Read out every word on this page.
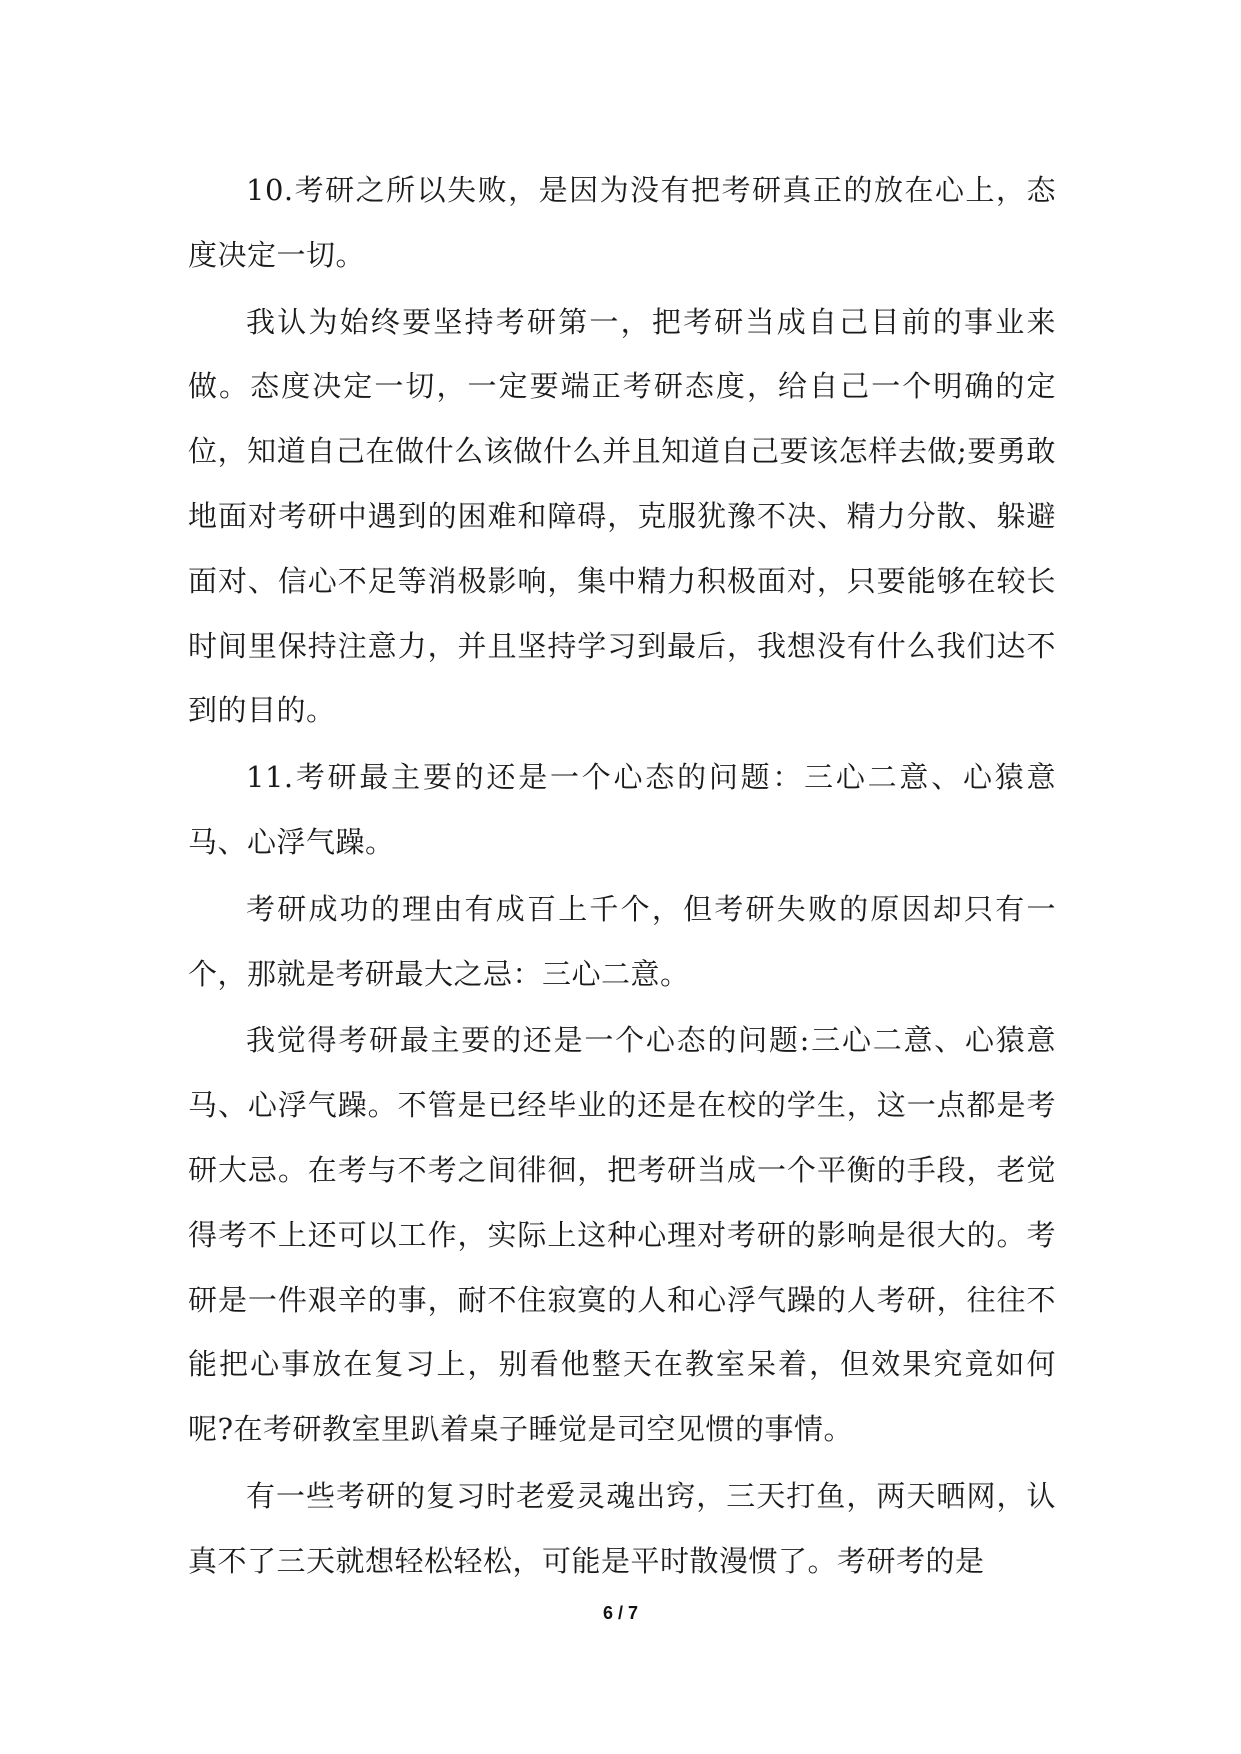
10.考研之所以失败，是因为没有把考研真正的放在心上，态度决定一切。

我认为始终要坚持考研第一，把考研当成自己目前的事业来做。态度决定一切，一定要端正考研态度，给自己一个明确的定位，知道自己在做什么该做什么并且知道自己要该怎样去做;要勇敢地面对考研中遇到的困难和障碍，克服犹豫不决、精力分散、躲避面对、信心不足等消极影响，集中精力积极面对，只要能够在较长时间里保持注意力，并且坚持学习到最后，我想没有什么我们达不到的目的。

11.考研最主要的还是一个心态的问题：三心二意、心猿意马、心浮气躁。

考研成功的理由有成百上千个，但考研失败的原因却只有一个，那就是考研最大之忌：三心二意。

我觉得考研最主要的还是一个心态的问题:三心二意、心猿意马、心浮气躁。不管是已经毕业的还是在校的学生，这一点都是考研大忌。在考与不考之间徘徊，把考研当成一个平衡的手段，老觉得考不上还可以工作，实际上这种心理对考研的影响是很大的。考研是一件艰辛的事，耐不住寂寞的人和心浮气躁的人考研，往往不能把心事放在复习上，别看他整天在教室呆着，但效果究竟如何呢?在考研教室里趴着桌子睡觉是司空见惯的事情。

有一些考研的复习时老爱灵魂出窍，三天打鱼，两天晒网，认真不了三天就想轻松轻松，可能是平时散漫惯了。考研考的是

6 / 7
